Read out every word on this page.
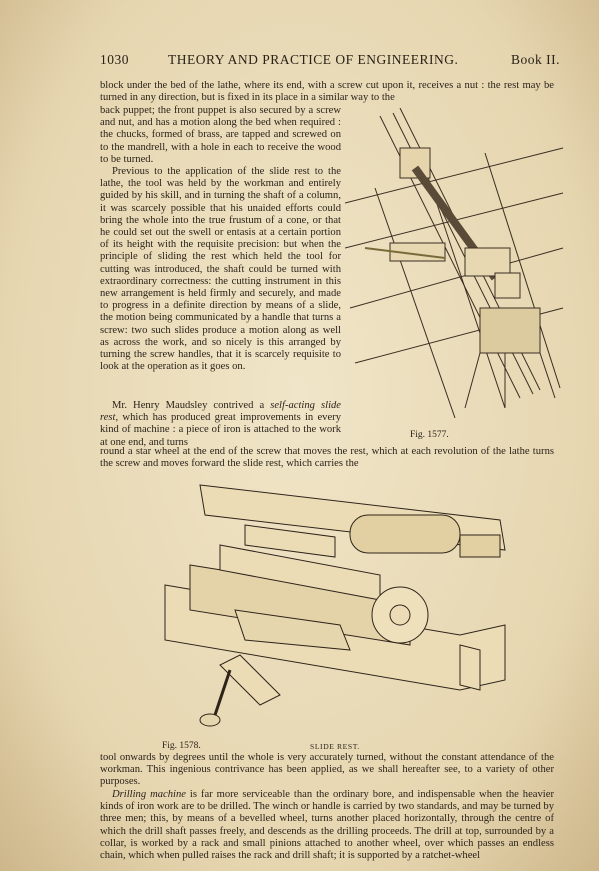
1030	THEORY AND PRACTICE OF ENGINEERING.	Book II.

block under the bed of the lathe, where its end, with a screw cut upon it, receives a nut : the rest may be turned in any direction, but is fixed in its place in a similar way to the

back puppet; the front puppet is also secured by a screw and nut, and has a motion along the bed when required : the chucks, formed of brass, are tapped and screwed on to the mandrell, with a hole in each to receive the wood to be turned.

Previous to the application of the slide rest to the lathe, the tool was held by the workman and entirely guided by his skill, and in turning the shaft of a column, it was scarcely possible that his unaided efforts could bring the whole into the true frustum of a cone, or that he could set out the swell or entasis at a certain portion of its height with the requisite precision: but when the principle of sliding the rest which held the tool for cutting was introduced, the shaft could be turned with extraordinary correctness: the cutting instrument in this new arrangement is held firmly and securely, and made to progress in a definite direction by means of a slide, the motion being communicated by a handle that turns a screw: two such slides produce a motion along as well as across the work, and so nicely is this arranged by turning the screw handles, that it is scarcely requisite to look at the operation as it goes on.

Mr. Henry Maudsley contrived a self-acting slide rest, which has produced great improvements in every kind of machine : a piece of iron is attached to the work at one end, and turns

round a star wheel at the end of the screw that moves the rest, which at each revolution of the lathe turns the screw and moves forward the slide rest, which carries the

Fig. 1577.
Fig. 1578.	SLIDE REST.

tool onwards by degrees until the whole is very accurately turned, without the constant attendance of the workman. This ingenious contrivance has been applied, as we shall hereafter see, to a variety of other purposes.

Drilling machine is far more serviceable than the ordinary bore, and indispensable when the heavier kinds of iron work are to be drilled. The winch or handle is carried by two standards, and may be turned by three men; this, by means of a bevelled wheel, turns another placed horizontally, through the centre of which the drill shaft passes freely, and descends as the drilling proceeds. The drill at top, surrounded by a collar, is worked by a rack and small pinions attached to another wheel, over which passes an endless chain, which when pulled raises the rack and drill shaft; it is supported by a ratchet-wheel
